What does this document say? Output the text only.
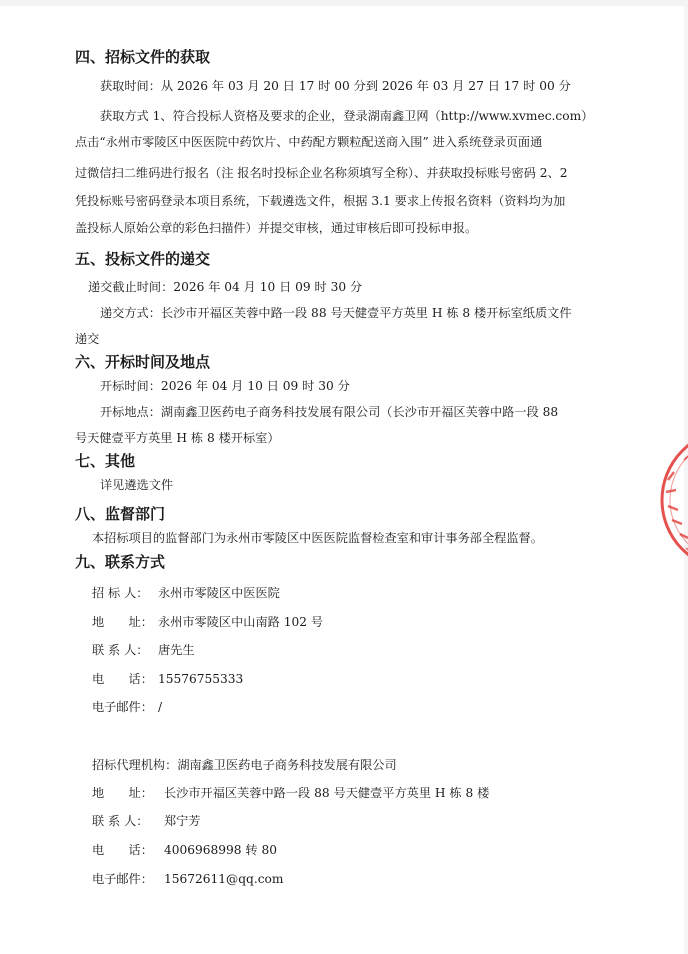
四、招标文件的获取
获取时间：从 2026 年 03 月 20 日 17 时 00 分到 2026 年 03 月 27 日 17 时 00 分
获取方式 1、符合投标人资格及要求的企业，登录湖南鑫卫网（http://www.xvmec.com）
点击“永州市零陵区中医医院中药饮片、中药配方颗粒配送商入围” 进入系统登录页面通
过微信扫二维码进行报名（注 报名时投标企业名称须填写全称）、并获取投标账号密码 2、2
凭投标账号密码登录本项目系统，下载遴选文件，根据 3.1 要求上传报名资料（资料均为加
盖投标人原始公章的彩色扫描件）并提交审核，通过审核后即可投标申报。
五、投标文件的递交
递交截止时间：2026 年 04 月 10 日 09 时 30 分
递交方式：长沙市开福区芙蓉中路一段 88 号天健壹平方英里 H 栋 8 楼开标室纸质文件
递交
六、开标时间及地点
开标时间：2026 年 04 月 10 日 09 时 30 分
开标地点：湖南鑫卫医药电子商务科技发展有限公司（长沙市开福区芙蓉中路一段 88
号天健壹平方英里 H 栋 8 楼开标室）
七、其他
详见遴选文件
八、监督部门
本招标项目的监督部门为永州市零陵区中医医院监督检查室和审计事务部全程监督。
九、联系方式
招 标 人： 永州市零陵区中医医院
地　　址： 永州市零陵区中山南路 102 号
联 系 人： 唐先生
电　　话： 15576755333
电子邮件： /
招标代理机构：湖南鑫卫医药电子商务科技发展有限公司
地　　址： 长沙市开福区芙蓉中路一段 88 号天健壹平方英里 H 栋 8 楼
联 系 人： 郑宁芳
电　　话： 4006968998 转 80
电子邮件： 15672611@qq.com
